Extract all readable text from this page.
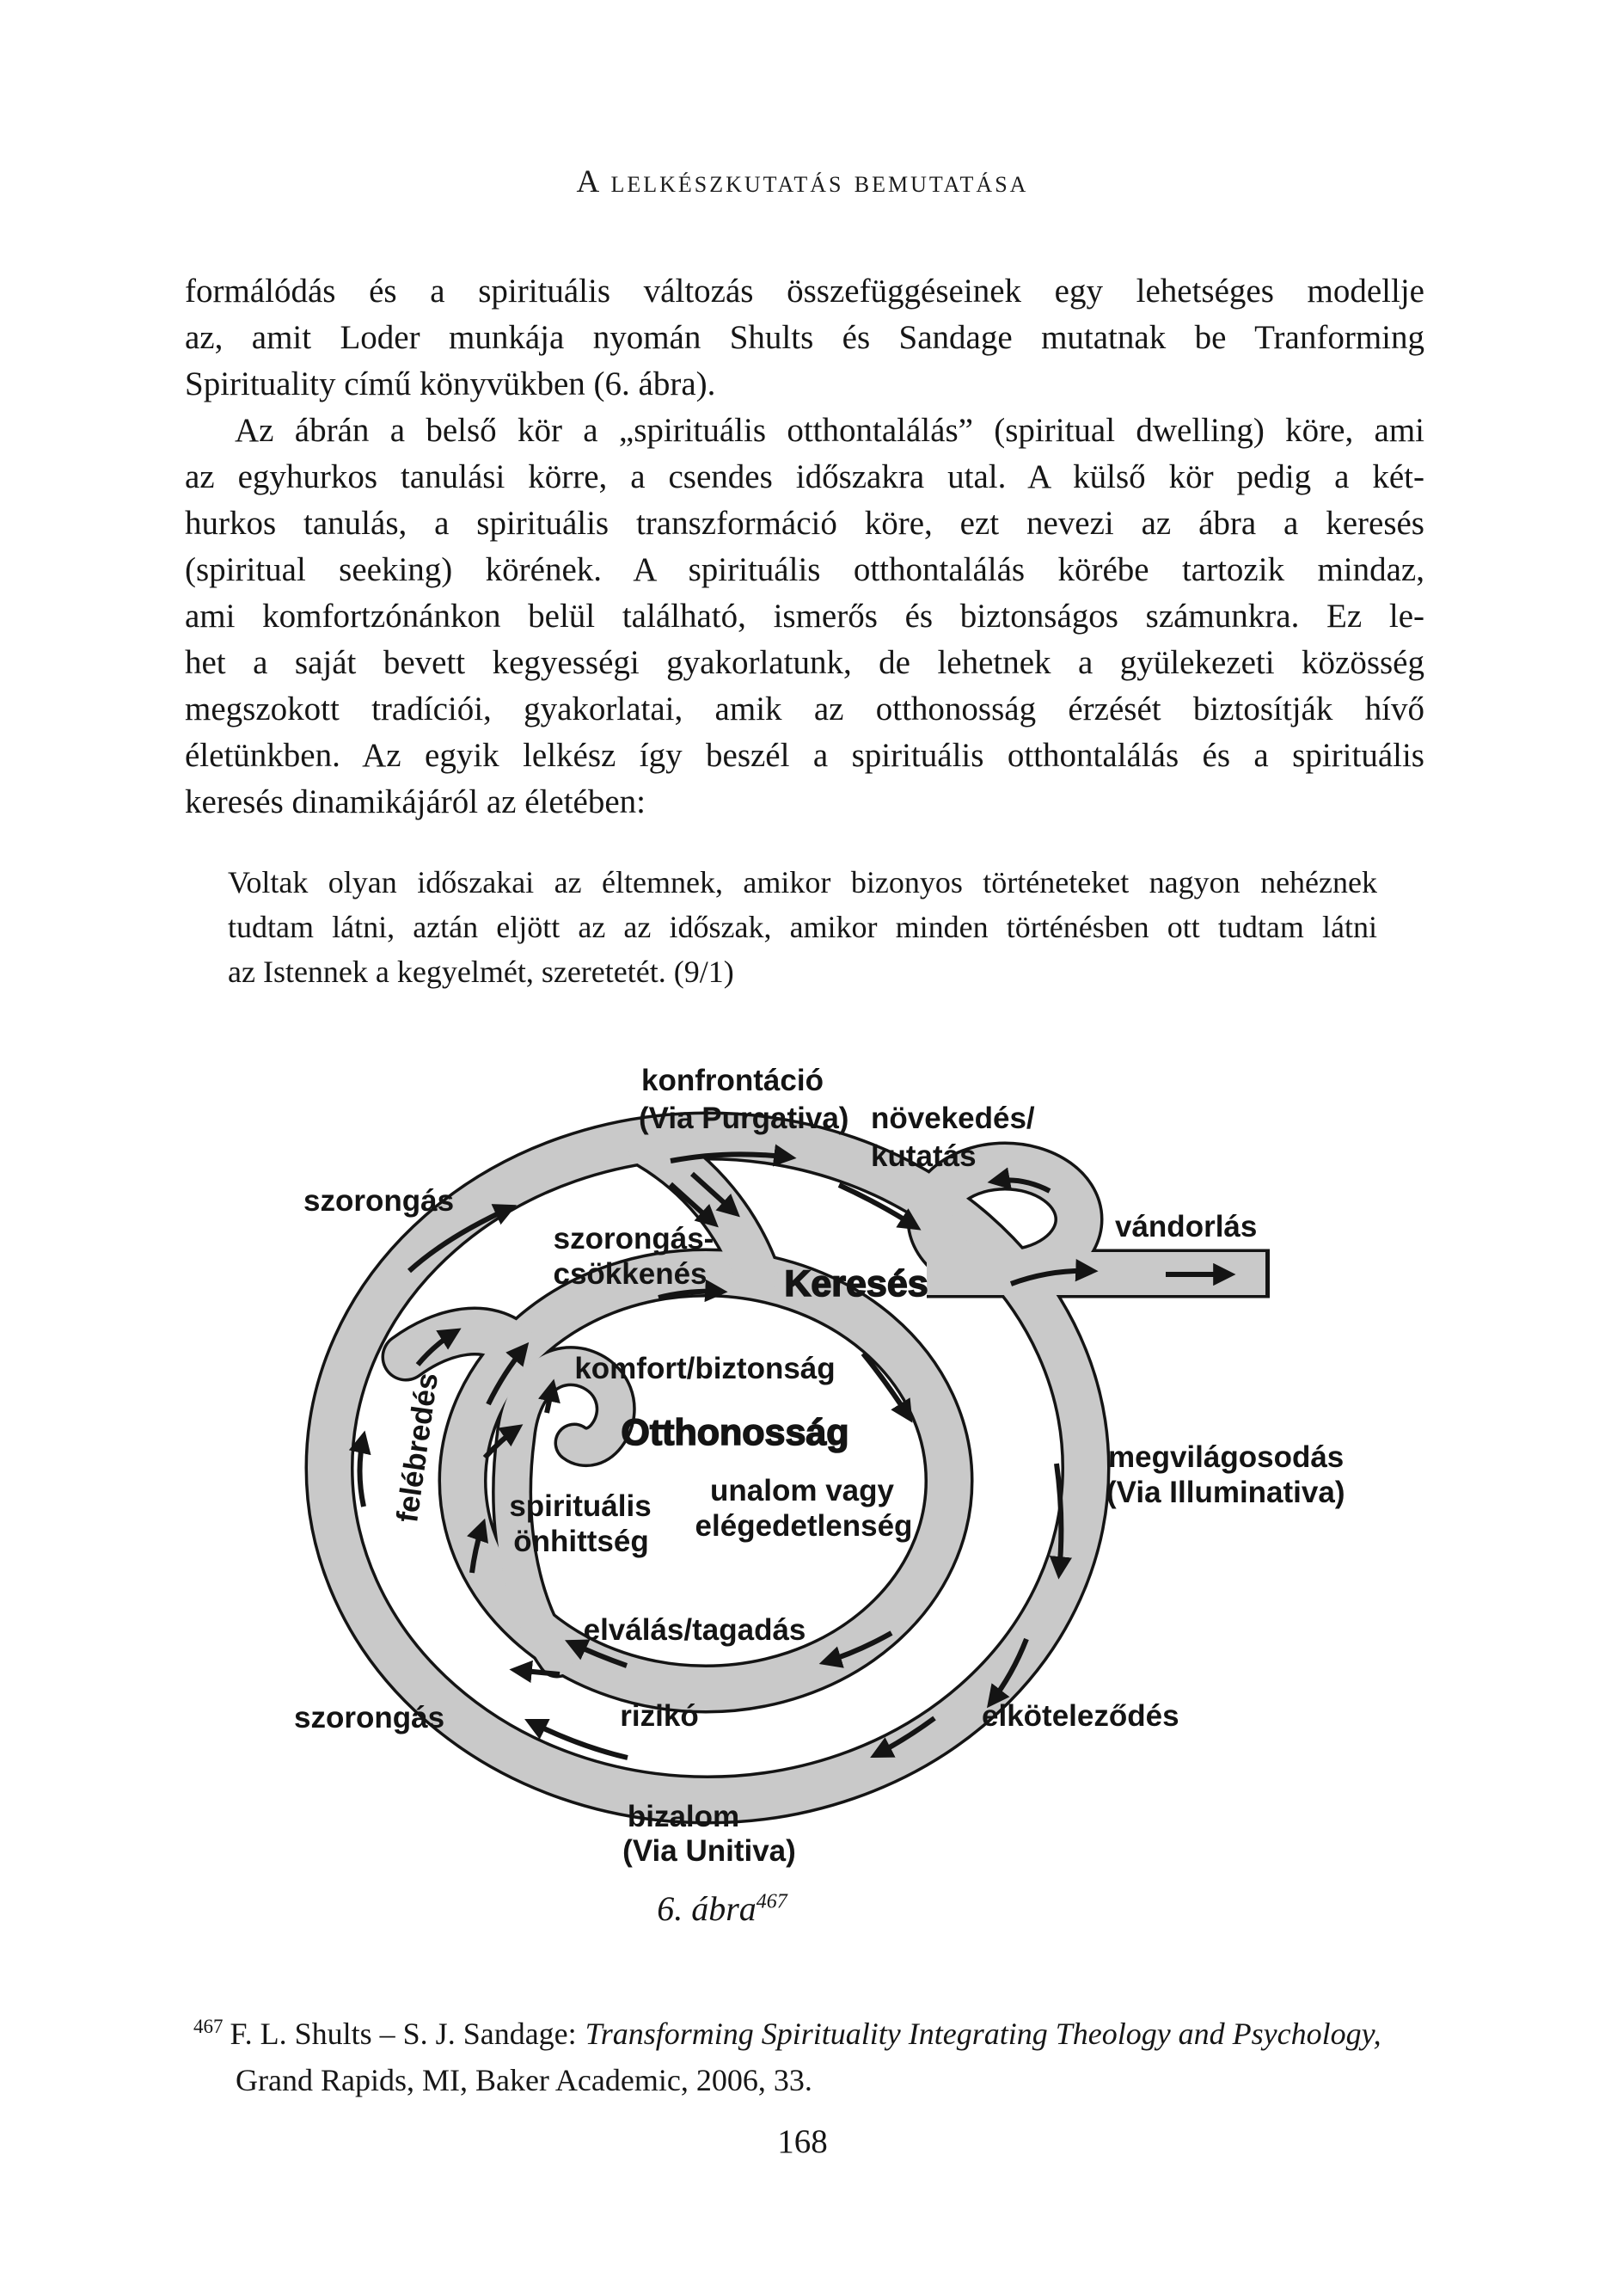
A lelkészkutatás bemutatása
formálódás és a spirituális változás összefüggéseinek egy lehetséges modellje
az, amit Loder munkája nyomán Shults és Sandage mutatnak be Tranforming
Spirituality című könyvükben (6. ábra).
Az ábrán a belső kör a „spirituális otthontalálás” (spiritual dwelling) köre, ami
az egyhurkos tanulási körre, a csendes időszakra utal. A külső kör pedig a két-
hurkos tanulás, a spirituális transzformáció köre, ezt nevezi az ábra a keresés
(spiritual seeking) körének. A spirituális otthontalálás körébe tartozik mindaz,
ami komfortzónánkon belül található, ismerős és biztonságos számunkra. Ez le-
het a saját bevett kegyességi gyakorlatunk, de lehetnek a gyülekezeti közösség
megszokott tradíciói, gyakorlatai, amik az otthonosság érzését biztosítják hívő
életünkben. Az egyik lelkész így beszél a spirituális otthontalálás és a spirituális
keresés dinamikájáról az életében:
Voltak olyan időszakai az éltemnek, amikor bizonyos történeteket nagyon nehéznek
tudtam látni, aztán eljött az az időszak, amikor minden történésben ott tudtam látni
az Istennek a kegyelmét, szeretetét. (9/1)
konfrontáció
(Via Purgativa) növekedés/
kutatás
szorongás
szorongás-
csökkenés Keresés
vándorlás
komfort/biztonság
Otthonosság
felébredés spirituális
önhittség
unalom vagy
elégedetlenség
megvilágosodás
(Via Illuminativa)
elválás/tagadás
szorongás	rizikó	elköteleződés
bizalom
(Via Unitiva)
6. ábra$^{467}$
$^{467}$ F. L. Shults – S. J. Sandage: Transforming Spirituality Integrating Theology and Psychology,
Grand Rapids, MI, Baker Academic, 2006, 33.
168
